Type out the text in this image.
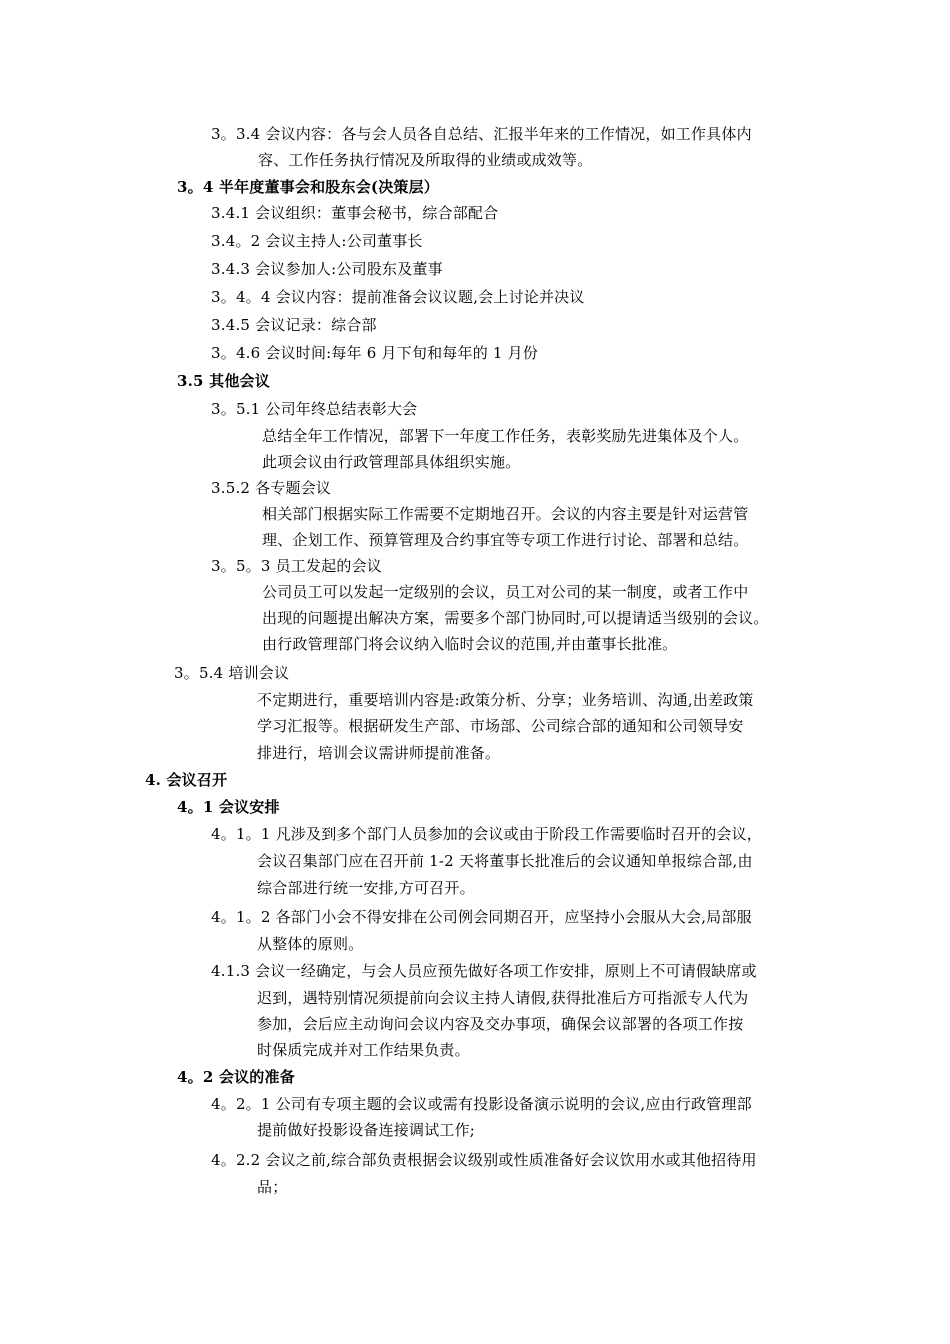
3。3.4 会议内容：各与会人员各自总结、汇报半年来的工作情况，如工作具体内
容、工作任务执行情况及所取得的业绩或成效等。
3。4 半年度董事会和股东会(决策层）
3.4.1 会议组织：董事会秘书，综合部配合
3.4。2 会议主持人:公司董事长
3.4.3 会议参加人:公司股东及董事
3。4。4 会议内容：提前准备会议议题,会上讨论并决议
3.4.5 会议记录：综合部
3。4.6 会议时间:每年 6 月下旬和每年的 1 月份
3.5 其他会议
3。5.1 公司年终总结表彰大会
总结全年工作情况，部署下一年度工作任务，表彰奖励先进集体及个人。
此项会议由行政管理部具体组织实施。
3.5.2 各专题会议
相关部门根据实际工作需要不定期地召开。会议的内容主要是针对运营管
理、企划工作、预算管理及合约事宜等专项工作进行讨论、部署和总结。
3。5。3 员工发起的会议
公司员工可以发起一定级别的会议，员工对公司的某一制度，或者工作中
出现的问题提出解决方案，需要多个部门协同时,可以提请适当级别的会议。
由行政管理部门将会议纳入临时会议的范围,并由董事长批准。
3。5.4 培训会议
不定期进行，重要培训内容是:政策分析、分享；业务培训、沟通,出差政策
学习汇报等。根据研发生产部、市场部、公司综合部的通知和公司领导安
排进行，培训会议需讲师提前准备。
4. 会议召开
4。1 会议安排
4。1。1 凡涉及到多个部门人员参加的会议或由于阶段工作需要临时召开的会议，
会议召集部门应在召开前 1-2 天将董事长批准后的会议通知单报综合部,由
综合部进行统一安排,方可召开。
4。1。2 各部门小会不得安排在公司例会同期召开，应坚持小会服从大会,局部服
从整体的原则。
4.1.3 会议一经确定，与会人员应预先做好各项工作安排，原则上不可请假缺席或
迟到，遇特别情况须提前向会议主持人请假,获得批准后方可指派专人代为
参加，会后应主动询问会议内容及交办事项，确保会议部署的各项工作按
时保质完成并对工作结果负责。
4。2 会议的准备
4。2。1 公司有专项主题的会议或需有投影设备演示说明的会议,应由行政管理部
提前做好投影设备连接调试工作;
4。2.2 会议之前,综合部负责根据会议级别或性质准备好会议饮用水或其他招待用
品；
